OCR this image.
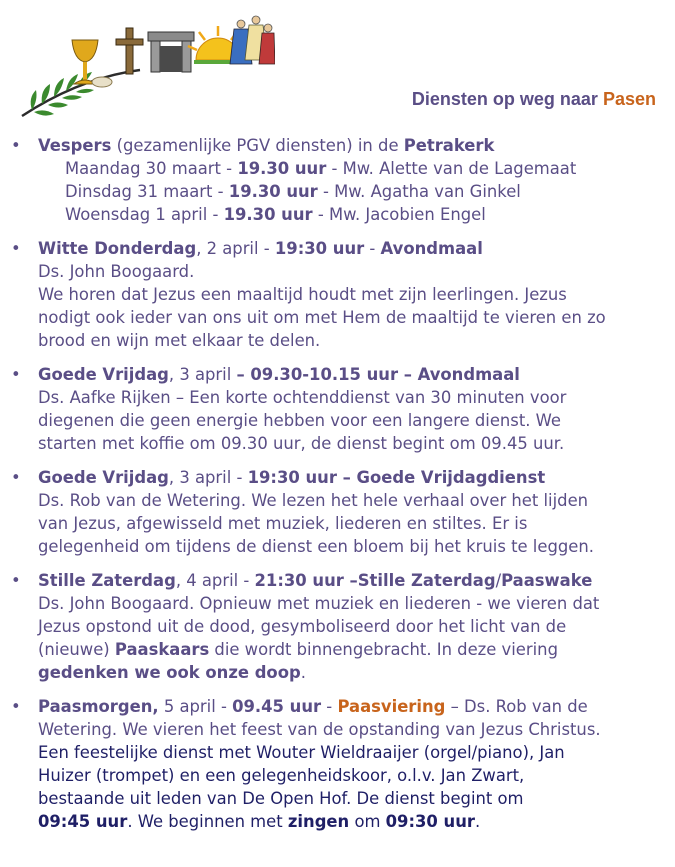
Diensten op weg naar Pasen
• Vespers (gezamenlijke PGV diensten) in de Petrakerk
Maandag 30 maart - 19.30 uur - Mw. Alette van de Lagemaat
Dinsdag 31 maart - 19.30 uur - Mw. Agatha van Ginkel
Woensdag 1 april - 19.30 uur - Mw. Jacobien Engel
• Witte Donderdag, 2 april - 19:30 uur - Avondmaal
Ds. John Boogaard.
We horen dat Jezus een maaltijd houdt met zijn leerlingen. Jezus
nodigt ook ieder van ons uit om met Hem de maaltijd te vieren en zo
brood en wijn met elkaar te delen.
• Goede Vrijdag, 3 april – 09.30-10.15 uur – Avondmaal
Ds. Aafke Rijken – Een korte ochtenddienst van 30 minuten voor
diegenen die geen energie hebben voor een langere dienst. We
starten met koffie om 09.30 uur, de dienst begint om 09.45 uur.
• Goede Vrijdag, 3 april - 19:30 uur – Goede Vrijdagdienst
Ds. Rob van de Wetering. We lezen het hele verhaal over het lijden
van Jezus, afgewisseld met muziek, liederen en stiltes. Er is
gelegenheid om tijdens de dienst een bloem bij het kruis te leggen.
• Stille Zaterdag, 4 april - 21:30 uur –Stille Zaterdag/Paaswake
Ds. John Boogaard. Opnieuw met muziek en liederen - we vieren dat
Jezus opstond uit de dood, gesymboliseerd door het licht van de
(nieuwe) Paaskaars die wordt binnengebracht. In deze viering
gedenken we ook onze doop.
• Paasmorgen, 5 april - 09.45 uur - Paasviering – Ds. Rob van de
Wetering. We vieren het feest van de opstanding van Jezus Christus.
Een feestelijke dienst met Wouter Wieldraaijer (orgel/piano), Jan
Huizer (trompet) en een gelegenheidskoor, o.l.v. Jan Zwart,
bestaande uit leden van De Open Hof. De dienst begint om
09:45 uur. We beginnen met zingen om 09:30 uur.
